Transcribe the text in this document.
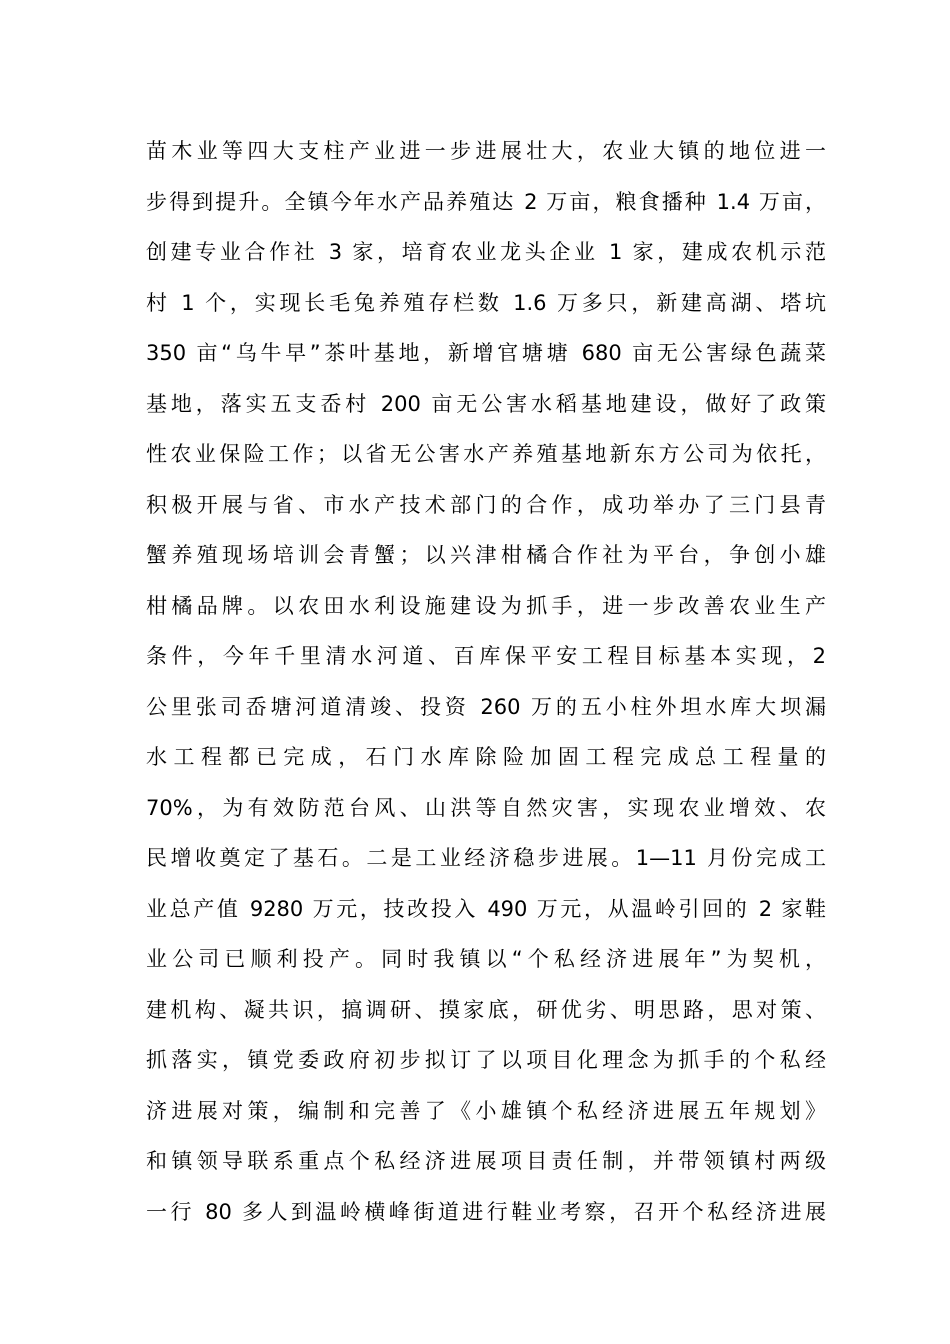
苗木业等四大支柱产业进一步进展壮大，农业大镇的地位进一
步得到提升。全镇今年水产品养殖达 2 万亩，粮食播种 1.4 万亩，
创建专业合作社 3 家，培育农业龙头企业 1 家，建成农机示范
村 1 个，实现长毛兔养殖存栏数 1.6 万多只，新建高湖、塔坑
350 亩“乌牛早”茶叶基地，新增官塘塘 680 亩无公害绿色蔬菜
基地，落实五支岙村 200 亩无公害水稻基地建设，做好了政策
性农业保险工作；以省无公害水产养殖基地新东方公司为依托，
积极开展与省、市水产技术部门的合作，成功举办了三门县青
蟹养殖现场培训会青蟹；以兴津柑橘合作社为平台，争创小雄
柑橘品牌。以农田水利设施建设为抓手，进一步改善农业生产
条件，今年千里清水河道、百库保平安工程目标基本实现，2
公里张司岙塘河道清竣、投资 260 万的五小柱外坦水库大坝漏
水工程都已完成，石门水库除险加固工程完成总工程量的
70%，为有效防范台风、山洪等自然灾害，实现农业增效、农
民增收奠定了基石。二是工业经济稳步进展。1—11 月份完成工
业总产值 9280 万元，技改投入 490 万元，从温岭引回的 2 家鞋
业公司已顺利投产。同时我镇以“个私经济进展年”为契机，
建机构、凝共识，搞调研、摸家底，研优劣、明思路，思对策、
抓落实，镇党委政府初步拟订了以项目化理念为抓手的个私经
济进展对策，编制和完善了《小雄镇个私经济进展五年规划》
和镇领导联系重点个私经济进展项目责任制，并带领镇村两级
一行 80 多人到温岭横峰街道进行鞋业考察，召开个私经济进展
